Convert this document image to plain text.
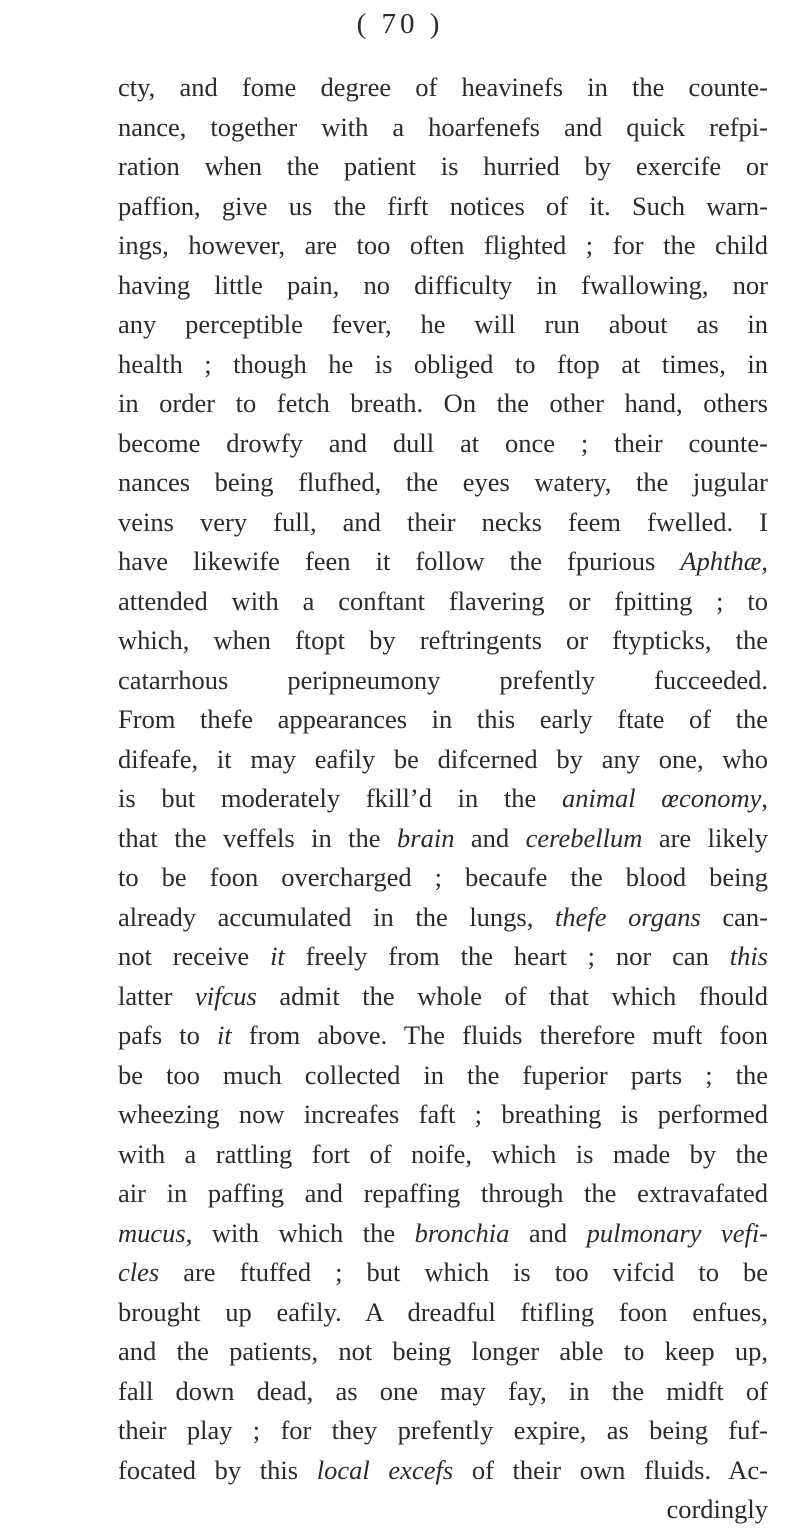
( 70 )
cty, and fome degree of heavinefs in the counte-
nance, together with a hoarfenefs and quick refpi-
ration when the patient is hurried by exercife or
paffion, give us the firft notices of it. Such warn-
ings, however, are too often flighted ; for the child
having little pain, no difficulty in fwallowing, nor
any perceptible fever, he will run about as in
health ; though he is obliged to ftop at times, in
in order to fetch breath. On the other hand, others
become drowfy and dull at once ; their counte-
nances being flufhed, the eyes watery, the jugular
veins very full, and their necks feem fwelled. I
have likewife feen it follow the fpurious Aphthæ,
attended with a conftant flavering or fpitting ; to
which, when ftopt by reftringents or ftypticks, the
catarrhous peripneumony prefently fucceeded.
From thefe appearances in this early ftate of the
difeafe, it may eafily be difcerned by any one, who
is but moderately fkill’d in the animal œconomy,
that the veffels in the brain and cerebellum are likely
to be foon overcharged ; becaufe the blood being
already accumulated in the lungs, thefe organs can-
not receive it freely from the heart ; nor can this
latter vifcus admit the whole of that which fhould
pafs to it from above. The fluids therefore muft foon
be too much collected in the fuperior parts ; the
wheezing now increafes faft ; breathing is performed
with a rattling fort of noife, which is made by the
air in paffing and repaffing through the extravafated
mucus, with which the bronchia and pulmonary vefi-
cles are ftuffed ; but which is too vifcid to be
brought up eafily. A dreadful ftifling foon enfues,
and the patients, not being longer able to keep up,
fall down dead, as one may fay, in the midft of
their play ; for they prefently expire, as being fuf-
focated by this local excefs of their own fluids. Ac-
cordingly
